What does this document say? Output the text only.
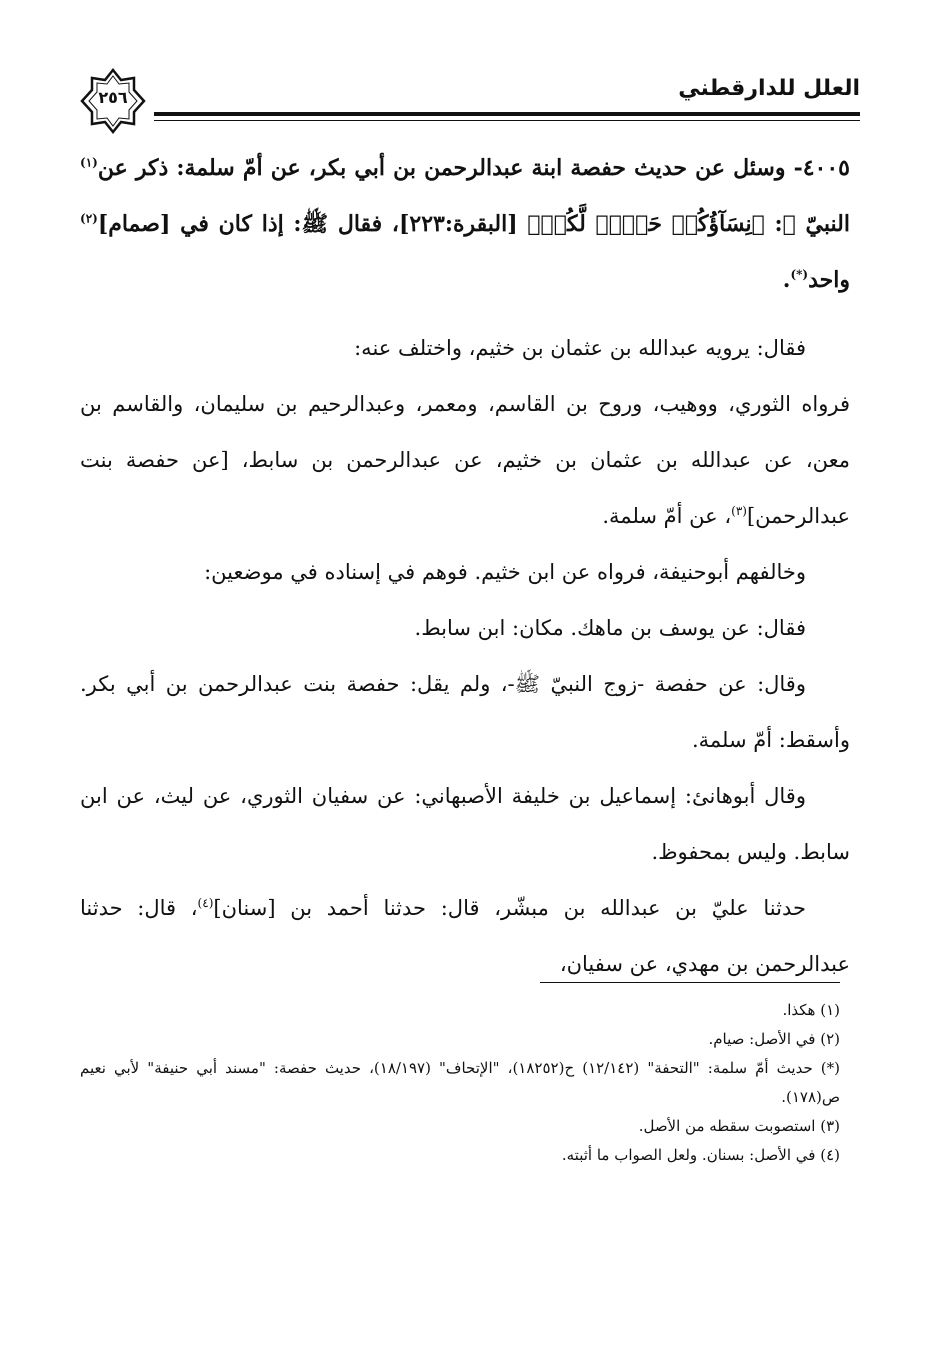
٢٥٦	العلل للدارقطني

٤٠٠٥- وسئل عن حديث حفصة ابنة عبدالرحمن بن أبي بكر، عن أمّ سلمة: ذكر عن$^{(١)}$ النبيّ ﷺ: ﴿نِسَآؤُكُمۡ حَرۡثٞ لَّكُمۡ﴾ [البقرة:٢٢٣]، فقال ﷺ: إذا كان في [صمام]$^{(٢)}$ واحد(*).

فقال: يرويه عبدالله بن عثمان بن خثيم، واختلف عنه:

فرواه الثوري، ووهيب، وروح بن القاسم، ومعمر، وعبدالرحيم بن سليمان، والقاسم بن معن، عن عبدالله بن عثمان بن خثيم، عن عبدالرحمن بن سابط، [عن حفصة بنت عبدالرحمن]$^{(٣)}$، عن أمّ سلمة.

وخالفهم أبوحنيفة، فرواه عن ابن خثيم. فوهم في إسناده في موضعين:

فقال: عن يوسف بن ماهك. مكان: ابن سابط.

وقال: عن حفصة -زوج النبيّ ﷺ-، ولم يقل: حفصة بنت عبدالرحمن بن أبي بكر. وأسقط: أمّ سلمة.

وقال أبوهانئ: إسماعيل بن خليفة الأصبهاني: عن سفيان الثوري، عن ليث، عن ابن سابط. وليس بمحفوظ.

حدثنا عليّ بن عبدالله بن مبشّر، قال: حدثنا أحمد بن [سنان]$^{(٤)}$، قال: حدثنا عبدالرحمن بن مهدي، عن سفيان،

(١) هكذا.

(٢) في الأصل: صيام.

(*) حديث أمّ سلمة: "التحفة" (١٢/١٤٢) ح(١٨٢٥٢)، "الإتحاف" (١٨/١٩٧)، حديث حفصة: "مسند أبي حنيفة" لأبي نعيم ص(١٧٨).

(٣) استصوبت سقطه من الأصل.

(٤) في الأصل: بسنان. ولعل الصواب ما أثبته.
